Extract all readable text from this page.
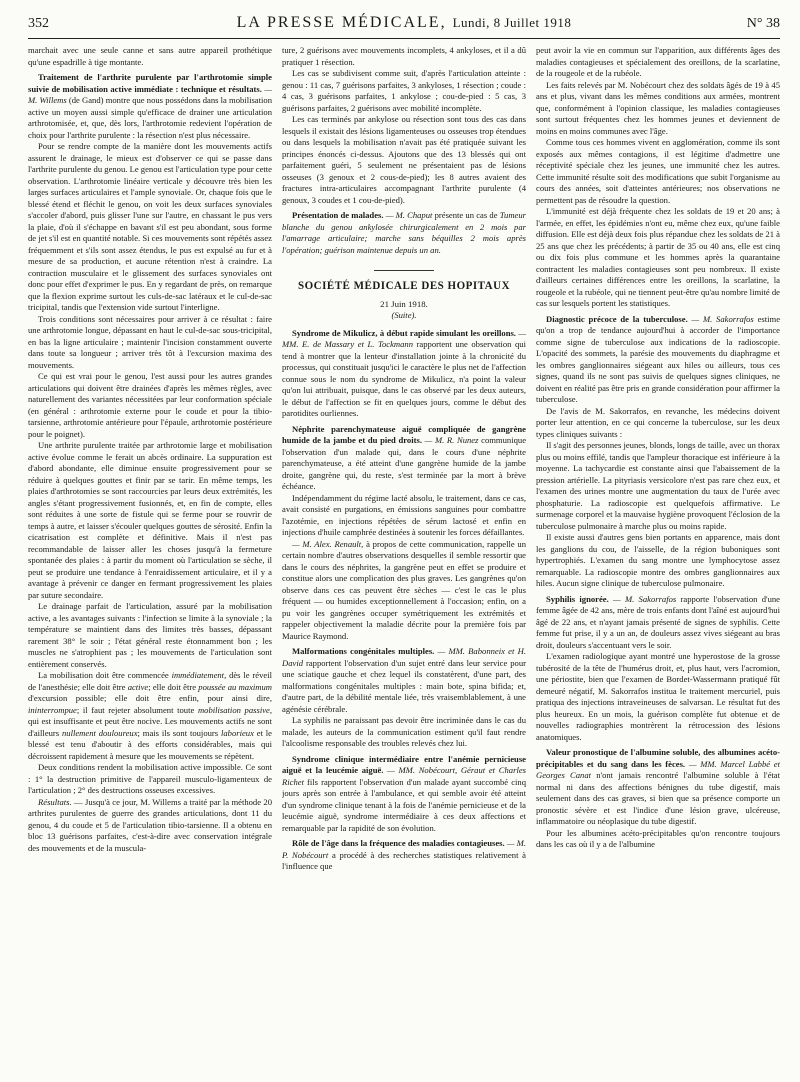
352	LA PRESSE MÉDICALE, Lundi, 8 Juillet 1918	N° 38

marchait avec une seule canne et sans autre appareil prothétique qu'une espadrille à tige montante.

Traitement de l'arthrite purulente par l'arthrotomie simple suivie de mobilisation active immédiate : technique et résultats. — M. Willems (de Gand) montre que nous possédons dans la mobilisation active un moyen aussi simple qu'efficace de drainer une articulation arthrotomisée, et, que, dès lors, l'arthrotomie redevient l'opération de choix pour l'arthrite purulente : la résection n'est plus nécessaire.

Pour se rendre compte de la manière dont les mouvements actifs assurent le drainage, le mieux est d'observer ce qui se passe dans l'arthrite purulente du genou. Le genou est l'articulation type pour cette observation. L'arthrotomie linéaire verticale y découvre très bien les larges surfaces articulaires et l'ample synoviale. Or, chaque fois que le blessé étend et fléchit le genou, on voit les deux surfaces synoviales s'accoler d'abord, puis glisser l'une sur l'autre, en chassant le pus vers la plaie, d'où il s'échappe en bavant s'il est peu abondant, sous forme de jet s'il est en quantité notable. Si ces mouvements sont répétés assez fréquemment et s'ils sont assez étendus, le pus est expulsé au fur et à mesure de sa production, et aucune rétention n'est à craindre. La contraction musculaire et le glissement des surfaces synoviales ont donc pour effet d'exprimer le pus. En y regardant de près, on remarque que la flexion exprime surtout les culs-de-sac latéraux et le cul-de-sac tricipital, tandis que l'extension vide surtout l'interligne.

Trois conditions sont nécessaires pour arriver à ce résultat : faire une arthrotomie longue, dépassant en haut le cul-de-sac sous-tricipital, en bas la ligne articulaire ; maintenir l'incision constamment ouverte dans toute sa longueur ; arriver très tôt à l'excursion maxima des mouvements.

Ce qui est vrai pour le genou, l'est aussi pour les autres grandes articulations qui doivent être drainées d'après les mêmes règles, avec naturellement des variantes nécessitées par leur conformation spéciale (en général : arthrotomie externe pour le coude et pour la tibio-tarsienne, arthrotomie antérieure pour l'épaule, arthrotomie postérieure pour le poignet).

Une arthrite purulente traitée par arthrotomie large et mobilisation active évolue comme le ferait un abcès ordinaire. La suppuration est d'abord abondante, elle diminue ensuite progressivement pour se réduire à quelques gouttes et finir par se tarir. En même temps, les plaies d'arthrotomies se sont raccourcies par leurs deux extrémités, les angles s'étant progressivement fusionnés, et, en fin de compte, elles sont réduites à une sorte de fistule qui se ferme pour se rouvrir de temps à autre, et laisser s'écouler quelques gouttes de sérosité. Enfin la cicatrisation est complète et définitive. Mais il n'est pas recommandable de laisser aller les choses jusqu'à la fermeture spontanée des plaies : à partir du moment où l'articulation se sèche, il peut se produire une tendance à l'enraidissement articulaire, et il y a avantage à prévenir ce danger en fermant progressivement les plaies par suture secondaire.

Le drainage parfait de l'articulation, assuré par la mobilisation active, a les avantages suivants : l'infection se limite à la synoviale ; la température se maintient dans des limites très basses, dépassant rarement 38° le soir ; l'état général reste étonnamment bon ; les muscles ne s'atrophient pas ; les mouvements de l'articulation sont entièrement conservés.

La mobilisation doit être commencée immédiatement, dès le réveil de l'anesthésie; elle doit être active; elle doit être poussée au maximum d'excursion possible; elle doit être enfin, pour ainsi dire, ininterrompue; il faut rejeter absolument toute mobilisation passive, qui est insuffisante et peut être nocive. Les mouvements actifs ne sont d'ailleurs nullement douloureux; mais ils sont toujours laborieux et le blessé est tenu d'aboutir à des efforts considérables, mais qui décroissent rapidement à mesure que les mouvements se répètent.

Deux conditions rendent la mobilisation active impossible. Ce sont : 1° la destruction primitive de l'appareil musculo-ligamenteux de l'articulation ; 2° des destructions osseuses excessives.

Résultats. — Jusqu'à ce jour, M. Willems a traité par la méthode 20 arthrites purulentes de guerre des grandes articulations, dont 11 du genou, 4 du coude et 5 de l'articulation tibio-tarsienne. Il a obtenu en bloc 13 guérisons parfaites, c'est-à-dire avec conservation intégrale des mouvements et de la muscula-

ture, 2 guérisons avec mouvements incomplets, 4 ankyloses, et il a dû pratiquer 1 résection.

Les cas se subdivisent comme suit, d'après l'articulation atteinte : genou : 11 cas, 7 guérisons parfaites, 3 ankyloses, 1 résection ; coude : 4 cas, 3 guérisons parfaites, 1 ankylose ; cou-de-pied : 5 cas, 3 guérisons parfaites, 2 guérisons avec mobilité incomplète.

Les cas terminés par ankylose ou résection sont tous des cas dans lesquels il existait des lésions ligamenteuses ou osseuses trop étendues ou dans lesquels la mobilisation n'avait pas été pratiquée suivant les principes énoncés ci-dessus. Ajoutons que des 13 blessés qui ont parfaitement guéri, 5 seulement ne présentaient pas de lésions osseuses (3 genoux et 2 cous-de-pied); les 8 autres avaient des fractures intra-articulaires accompagnant l'arthrite purulente (4 genoux, 3 coudes et 1 cou-de-pied).

Présentation de malades. — M. Chaput présente un cas de Tumeur blanche du genou ankylosée chirurgicalement en 2 mois par l'amarrage articulaire; marche sans béquilles 2 mois après l'opération; guérison maintenue depuis un an.

SOCIÉTÉ MÉDICALE DES HOPITAUX
21 Juin 1918.
(Suite).

Syndrome de Mikulicz, à début rapide simulant les oreillons. — MM. E. de Massary et L. Tockmann rapportent une observation qui tend à montrer que la lenteur d'installation jointe à la chronicité du processus, qui constituait jusqu'ici le caractère le plus net de l'affection connue sous le nom du syndrome de Mikulicz, n'a point la valeur qu'on lui attribuait, puisque, dans le cas observé par les deux auteurs, le début de l'affection se fit en quelques jours, comme le début des parotidites ourliennes.

Néphrite parenchymateuse aiguë compliquée de gangrène humide de la jambe et du pied droits. — M. R. Nunez communique l'observation d'un malade qui, dans le cours d'une néphrite parenchymateuse, a été atteint d'une gangrène humide de la jambe droite, gangrène qui, du reste, s'est terminée par la mort à brève échéance.

Indépendamment du régime lacté absolu, le traitement, dans ce cas, avait consisté en purgations, en émissions sanguines pour combattre l'azotémie, en injections répétées de sérum lactosé et enfin en injections d'huile camphrée destinées à soutenir les forces défaillantes.

— M. Alex. Renault, à propos de cette communication, rappelle un certain nombre d'autres observations desquelles il semble ressortir que dans le cours des néphrites, la gangrène peut en effet se produire et constitue alors une complication des plus graves. Les gangrènes qu'on observe dans ces cas peuvent être sèches — c'est le cas le plus fréquent — ou humides exceptionnellement à l'occasion; enfin, on a pu voir les gangrènes occuper symétriquement les extrémités et rappeler objectivement la maladie décrite pour la première fois par Maurice Raymond.

Malformations congénitales multiples. — MM. Babonneix et H. David rapportent l'observation d'un sujet entré dans leur service pour une sciatique gauche et chez lequel ils constatèrent, d'une part, des malformations congénitales multiples : main bote, spina bifida; et, d'autre part, de la débilité mentale liée, très vraisemblablement, à une agénésie cérébrale.

La syphilis ne paraissant pas devoir être incriminée dans le cas du malade, les auteurs de la communication estiment qu'il faut rendre l'alcoolisme responsable des troubles relevés chez lui.

Syndrome clinique intermédiaire entre l'anémie pernicieuse aiguë et la leucémie aiguë. — MM. Nobécourt, Géraut et Charles Richet fils rapportent l'observation d'un malade ayant succombé cinq jours après son entrée à l'ambulance, et qui semble avoir été atteint d'un syndrome clinique tenant à la fois de l'anémie pernicieuse et de la leucémie aiguë, syndrome intermédiaire à ces deux affections et remarquable par la rapidité de son évolution.

Rôle de l'âge dans la fréquence des maladies contagieuses. — M. P. Nobécourt a procédé à des recherches statistiques relativement à l'influence que

peut avoir la vie en commun sur l'apparition, aux différents âges des maladies contagieuses et spécialement des oreillons, de la scarlatine, de la rougeole et de la rubéole.

Les faits relevés par M. Nobécourt chez des soldats âgés de 19 à 45 ans et plus, vivant dans les mêmes conditions aux armées, montrent que, conformément à l'opinion classique, les maladies contagieuses sont surtout fréquentes chez les hommes jeunes et deviennent de moins en moins communes avec l'âge.

Comme tous ces hommes vivent en agglomération, comme ils sont exposés aux mêmes contagions, il est légitime d'admettre une réceptivité spéciale chez les jeunes, une immunité chez les autres. Cette immunité résulte soit des modifications que subit l'organisme au cours des années, soit d'atteintes antérieures; nos observations ne permettent pas de résoudre la question.

L'immunité est déjà fréquente chez les soldats de 19 et 20 ans; à l'armée, en effet, les épidémies n'ont eu, même chez eux, qu'une faible diffusion. Elle est déjà deux fois plus répandue chez les soldats de 21 à 25 ans que chez les précédents; à partir de 35 ou 40 ans, elle est cinq ou dix fois plus commune et les hommes après la quarantaine contractent les maladies contagieuses sont peu nombreux. Il existe d'ailleurs certaines différences entre les oreillons, la scarlatine, la rougeole et la rubéole, qui ne tiennent peut-être qu'au nombre limité de cas sur lesquels portent les statistiques.

Diagnostic précoce de la tuberculose. — M. Sakorrafos estime qu'on a trop de tendance aujourd'hui à accorder de l'importance comme signe de tuberculose aux indications de la radioscopie. L'opacité des sommets, la parésie des mouvements du diaphragme et les ombres ganglionnaires siégeant aux hiles ou ailleurs, tous ces signes, quand ils ne sont pas suivis de quelques signes cliniques, ne doivent en réalité pas être pris en grande considération pour affirmer la tuberculose.

De l'avis de M. Sakorrafos, en revanche, les médecins doivent porter leur attention, en ce qui concerne la tuberculose, sur les deux types cliniques suivants :

Il s'agit des personnes jeunes, blonds, longs de taille, avec un thorax plus ou moins effilé, tandis que l'ampleur thoracique est inférieure à la moyenne. La tachycardie est constante ainsi que l'abaissement de la pression artérielle. La pityriasis versicolore n'est pas rare chez eux, et l'examen des urines montre une augmentation du taux de l'urée avec phosphaturie. La radioscopie est quelquefois affirmative. Le surmenage corporel et la mauvaise hygiène provoquent l'éclosion de la tuberculose pulmonaire à marche plus ou moins rapide.

Il existe aussi d'autres gens bien portants en apparence, mais dont les ganglions du cou, de l'aisselle, de la région buboniques sont hypertrophiés. L'examen du sang montre une lymphocytose assez remarquable. La radioscopie montre des ombres ganglionnaires aux hiles. Aucun signe clinique de tuberculose pulmonaire.

Syphilis ignorée. — M. Sakorrafos rapporte l'observation d'une femme âgée de 42 ans, mère de trois enfants dont l'aîné est aujourd'hui âgé de 22 ans, et n'ayant jamais présenté de signes de syphilis. Cette femme fut prise, il y a un an, de douleurs assez vives siégeant au bras droit, douleurs s'accentuant vers le soir.

L'examen radiologique ayant montré une hyperostose de la grosse tubérosité de la tête de l'humérus droit, et, plus haut, vers l'acromion, une périostite, bien que l'examen de Bordet-Wassermann pratiqué fût demeuré négatif, M. Sakorrafos institua le traitement mercuriel, puis pratiqua des injections intraveineuses de salvarsan. Le résultat fut des plus heureux. En un mois, la guérison complète fut obtenue et de nouvelles radiographies montrèrent la rétrocession des lésions anatomiques.

Valeur pronostique de l'albumine soluble, des albumines acéto-précipitables et du sang dans les fèces. — MM. Marcel Labbé et Georges Canat n'ont jamais rencontré l'albumine soluble à l'état normal ni dans des affections bénignes du tube digestif, mais seulement dans des cas graves, si bien que sa présence comporte un pronostic sévère et est l'indice d'une lésion grave, ulcéreuse, inflammatoire ou néoplasique du tube digestif.

Pour les albumines acéto-précipitables qu'on rencontre toujours dans les cas où il y a de l'albumine
